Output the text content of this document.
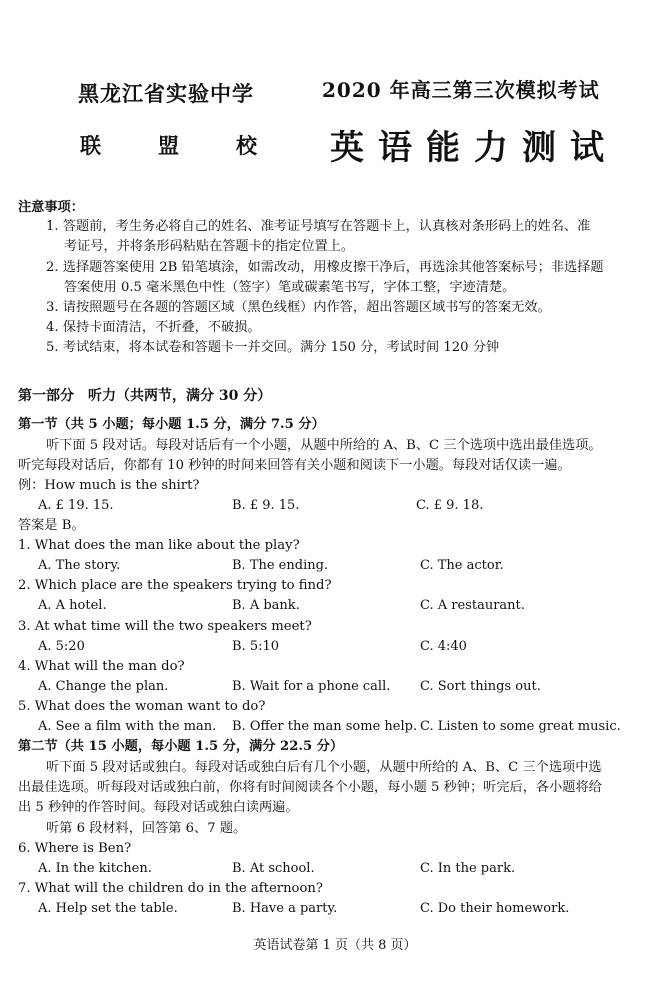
黑龙江省实验中学
联	盟	校
2020 年高三第三次模拟考试
英语能力测试
注意事项：
1. 答题前，考生务必将自己的姓名、准考证号填写在答题卡上，认真核对条形码上的姓名、准
考证号，并将条形码粘贴在答题卡的指定位置上。
2. 选择题答案使用 2B 铅笔填涂，如需改动，用橡皮擦干净后，再选涂其他答案标号；非选择题
答案使用 0.5 毫米黑色中性（签字）笔或碳素笔书写，字体工整，字迹清楚。
3. 请按照题号在各题的答题区域（黑色线框）内作答，超出答题区域书写的答案无效。
4. 保持卡面清洁，不折叠，不破损。
5. 考试结束，将本试卷和答题卡一并交回。满分 150 分，考试时间 120 分钟
第一部分　听力（共两节，满分 30 分）
第一节（共 5 小题；每小题 1.5 分，满分 7.5 分）
听下面 5 段对话。每段对话后有一个小题，从题中所给的 A、B、C 三个选项中选出最佳选项。
听完每段对话后，你都有 10 秒钟的时间来回答有关小题和阅读下一小题。每段对话仅读一遍。
例：How much is the shirt?
A. £ 19. 15.	B. £ 9. 15.	C. £ 9. 18.
答案是 B。
1. What does the man like about the play?
A. The story.	B. The ending.	C. The actor.
2. Which place are the speakers trying to find?
A. A hotel.	B. A bank.	C. A restaurant.
3. At what time will the two speakers meet?
A. 5:20	B. 5:10	C. 4:40
4. What will the man do?
A. Change the plan.	B. Wait for a phone call. C. Sort things out.
5. What does the woman want to do?
A. See a film with the man. B. Offer the man some help. C. Listen to some great music.
第二节（共 15 小题，每小题 1.5 分，满分 22.5 分）
听下面 5 段对话或独白。每段对话或独白后有几个小题，从题中所给的 A、B、C 三个选项中选
出最佳选项。听每段对话或独白前，你将有时间阅读各个小题，每小题 5 秒钟；听完后，各小题将给
出 5 秒钟的作答时间。每段对话或独白读两遍。
听第 6 段材料，回答第 6、7 题。
6. Where is Ben?
A. In the kitchen.	B. At school.	C. In the park.
7. What will the children do in the afternoon?
A. Help set the table.	B. Have a party.	C. Do their homework.
英语试卷第 1 页（共 8 页）
